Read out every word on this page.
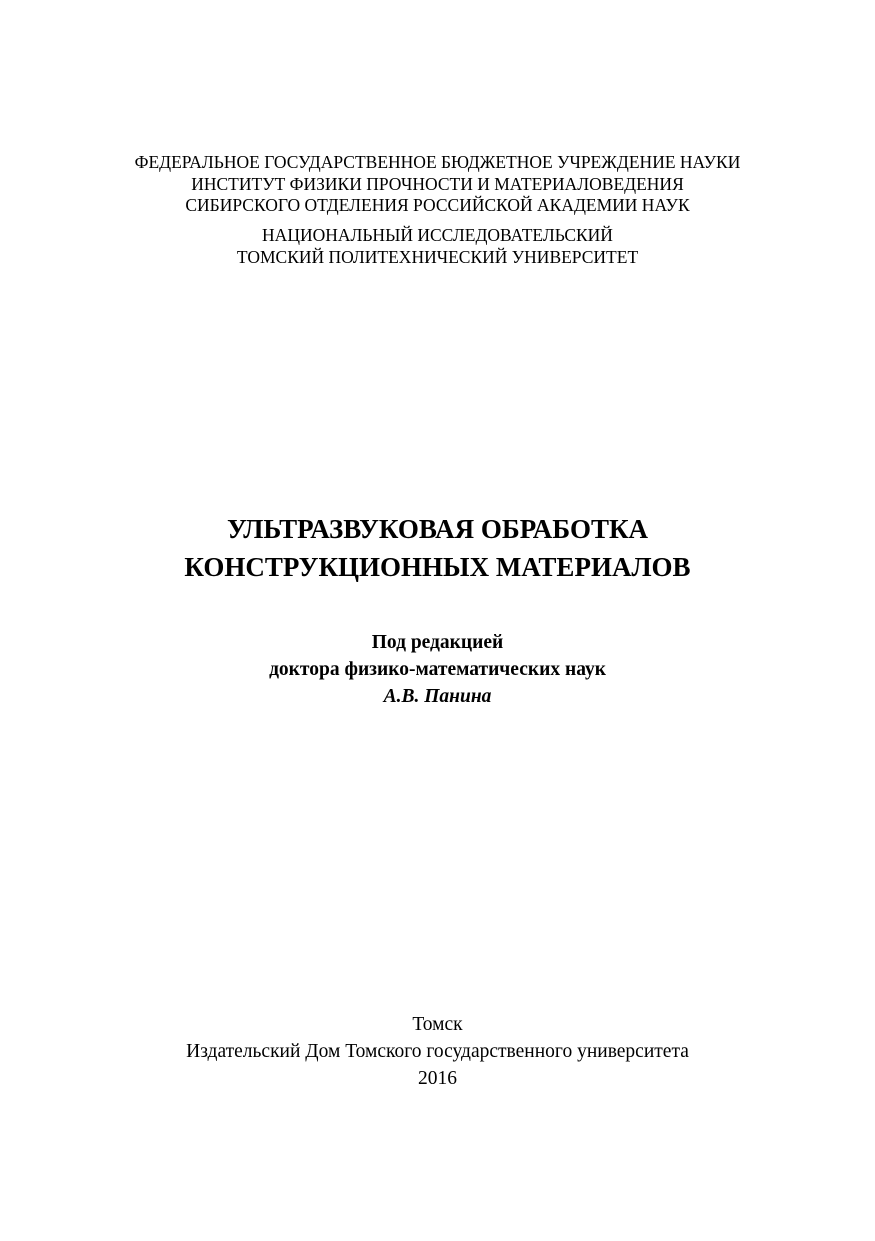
ФЕДЕРАЛЬНОЕ ГОСУДАРСТВЕННОЕ БЮДЖЕТНОЕ УЧРЕЖДЕНИЕ НАУКИ
ИНСТИТУТ ФИЗИКИ ПРОЧНОСТИ И МАТЕРИАЛОВЕДЕНИЯ
СИБИРСКОГО ОТДЕЛЕНИЯ РОССИЙСКОЙ АКАДЕМИИ НАУК
НАЦИОНАЛЬНЫЙ ИССЛЕДОВАТЕЛЬСКИЙ
ТОМСКИЙ ПОЛИТЕХНИЧЕСКИЙ УНИВЕРСИТЕТ
УЛЬТРАЗВУКОВАЯ ОБРАБОТКА
КОНСТРУКЦИОННЫХ МАТЕРИАЛОВ
Под редакцией
доктора физико-математических наук
А.В. Панина
Томск
Издательский Дом Томского государственного университета
2016
